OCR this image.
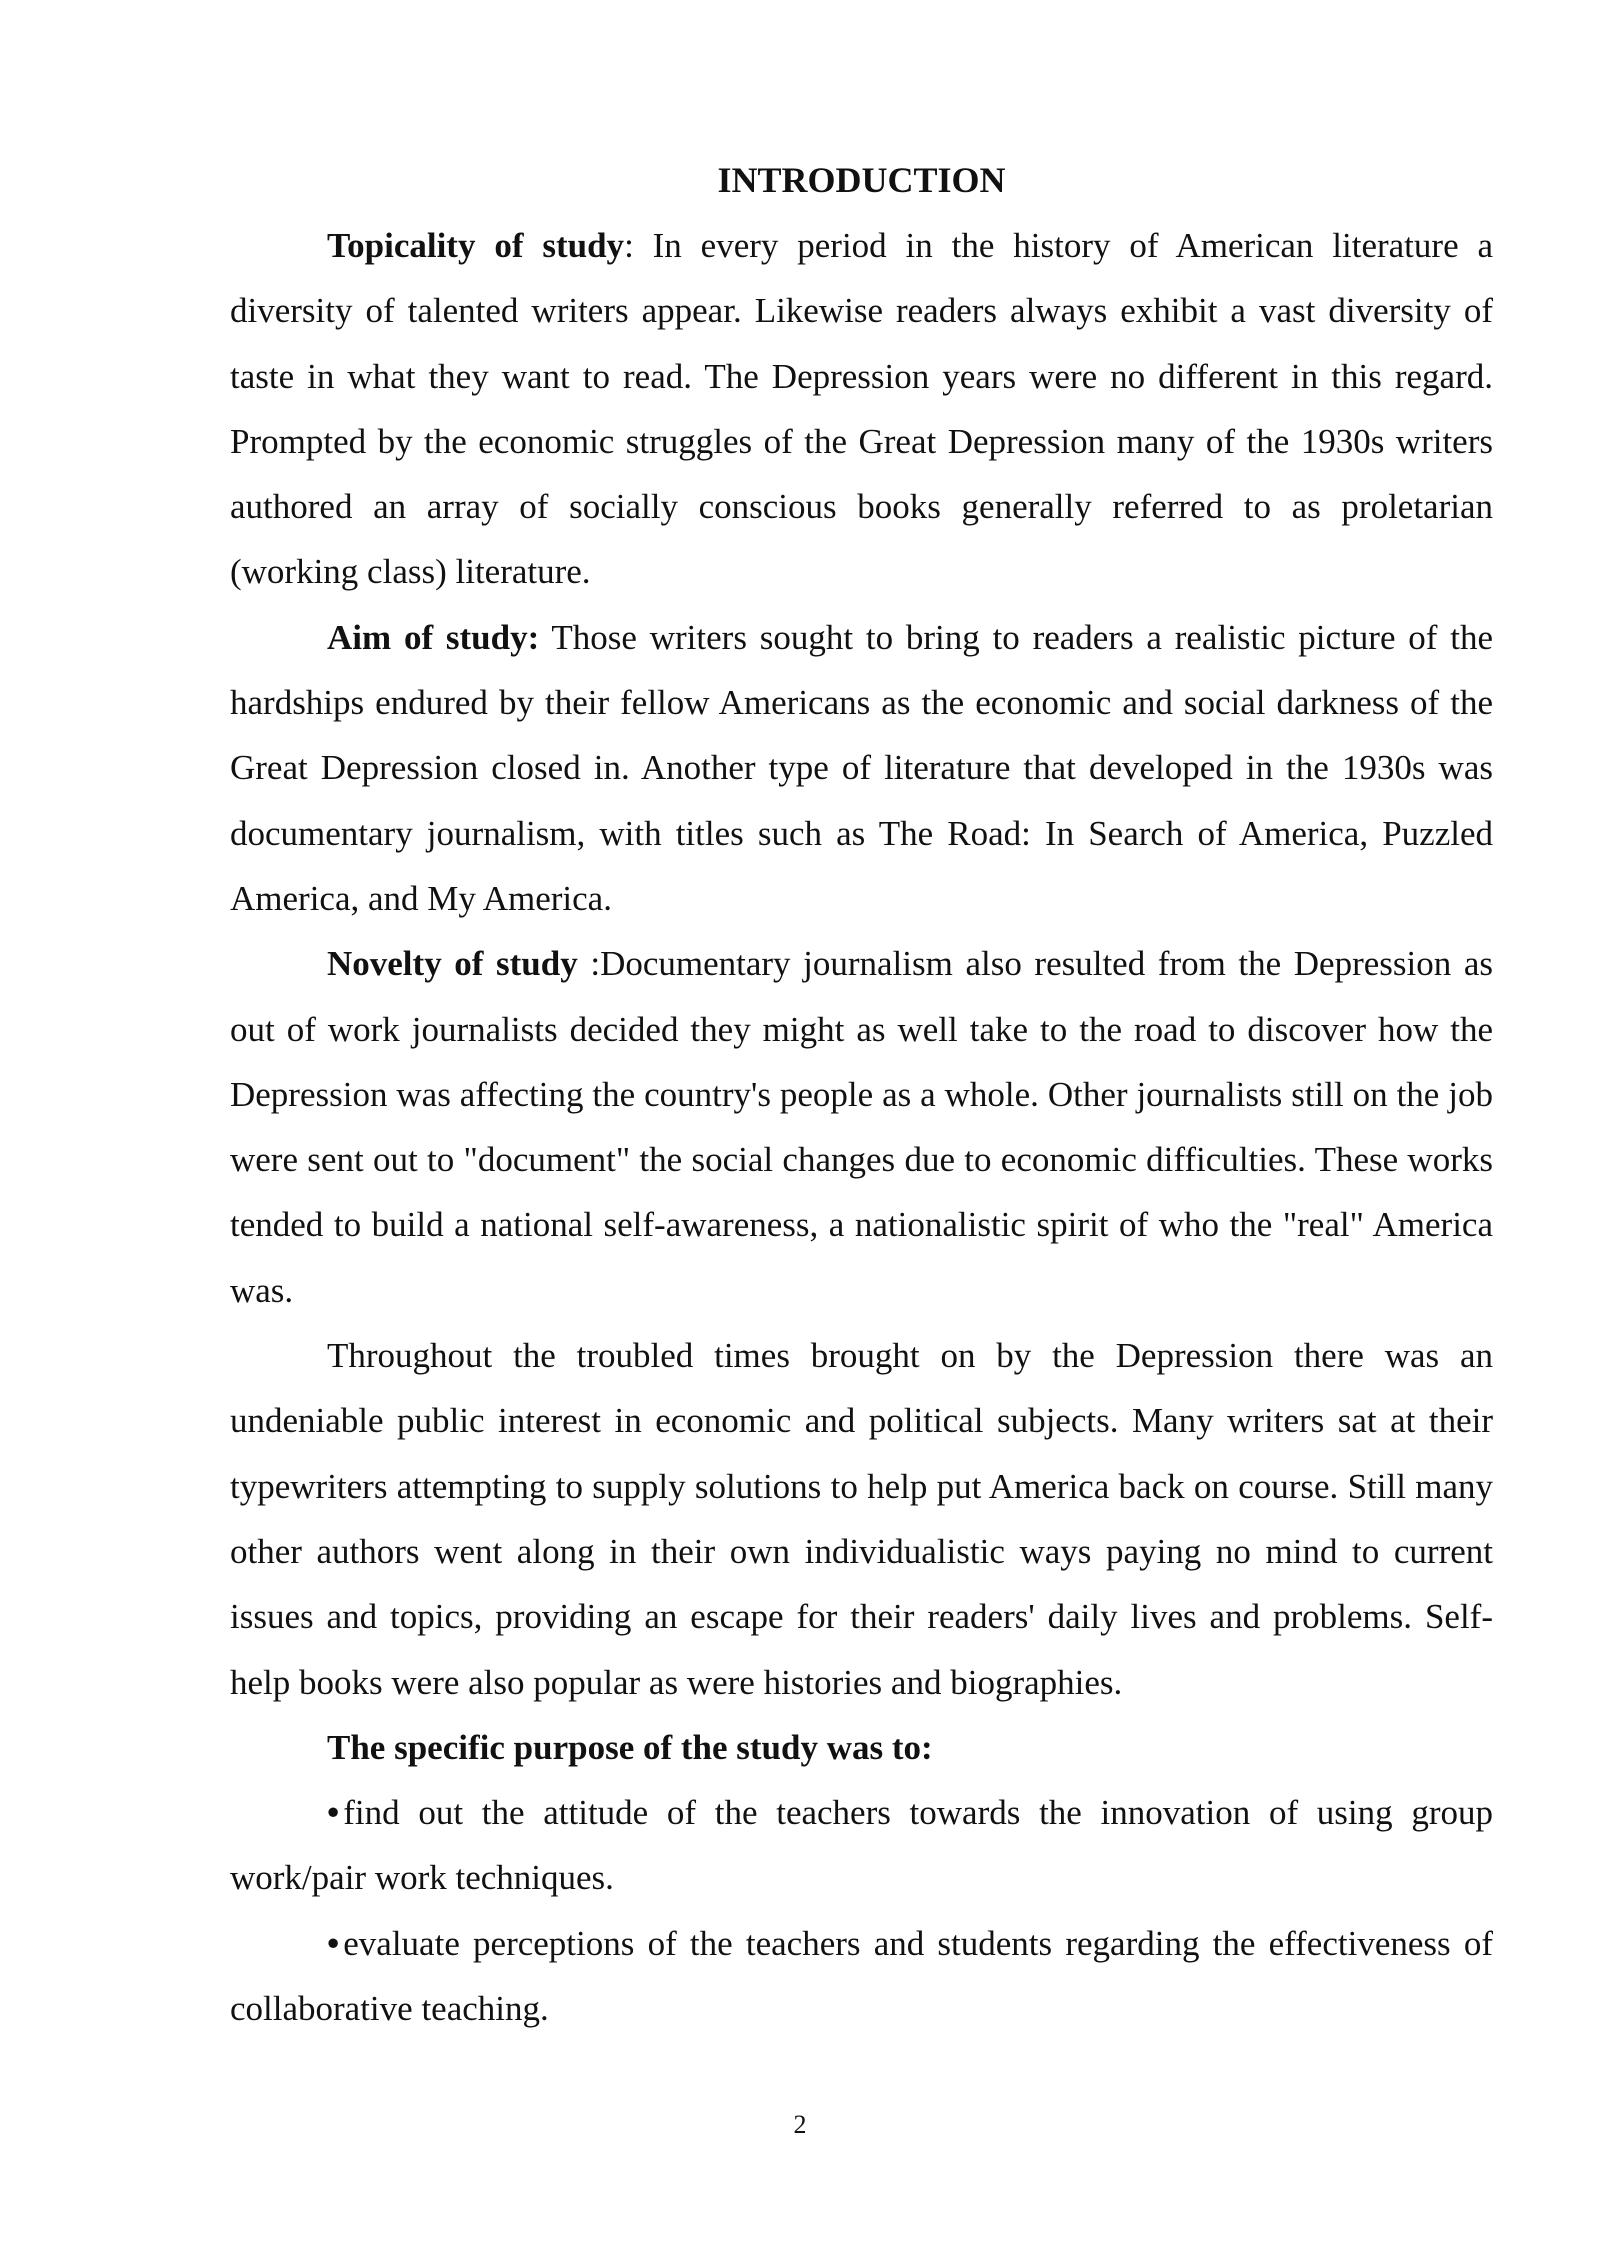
INTRODUCTION

Topicality of study: In every period in the history of American literature a diversity of talented writers appear. Likewise readers always exhibit a vast diversity of taste in what they want to read. The Depression years were no different in this regard. Prompted by the economic struggles of the Great Depression many of the 1930s writers authored an array of socially conscious books generally referred to as proletarian (working class) literature.

Aim of study: Those writers sought to bring to readers a realistic picture of the hardships endured by their fellow Americans as the economic and social darkness of the Great Depression closed in. Another type of literature that developed in the 1930s was documentary journalism, with titles such as The Road: In Search of America, Puzzled America, and My America.

Novelty of study :Documentary journalism also resulted from the Depression as out of work journalists decided they might as well take to the road to discover how the Depression was affecting the country's people as a whole. Other journalists still on the job were sent out to "document" the social changes due to economic difficulties. These works tended to build a national self-awareness, a nationalistic spirit of who the "real" America was.

Throughout the troubled times brought on by the Depression there was an undeniable public interest in economic and political subjects. Many writers sat at their typewriters attempting to supply solutions to help put America back on course. Still many other authors went along in their own individualistic ways paying no mind to current issues and topics, providing an escape for their readers' daily lives and problems. Self-help books were also popular as were histories and biographies.

The specific purpose of the study was to:

• find out the attitude of the teachers towards the innovation of using group work/pair work techniques.

• evaluate perceptions of the teachers and students regarding the effectiveness of collaborative teaching.

2
